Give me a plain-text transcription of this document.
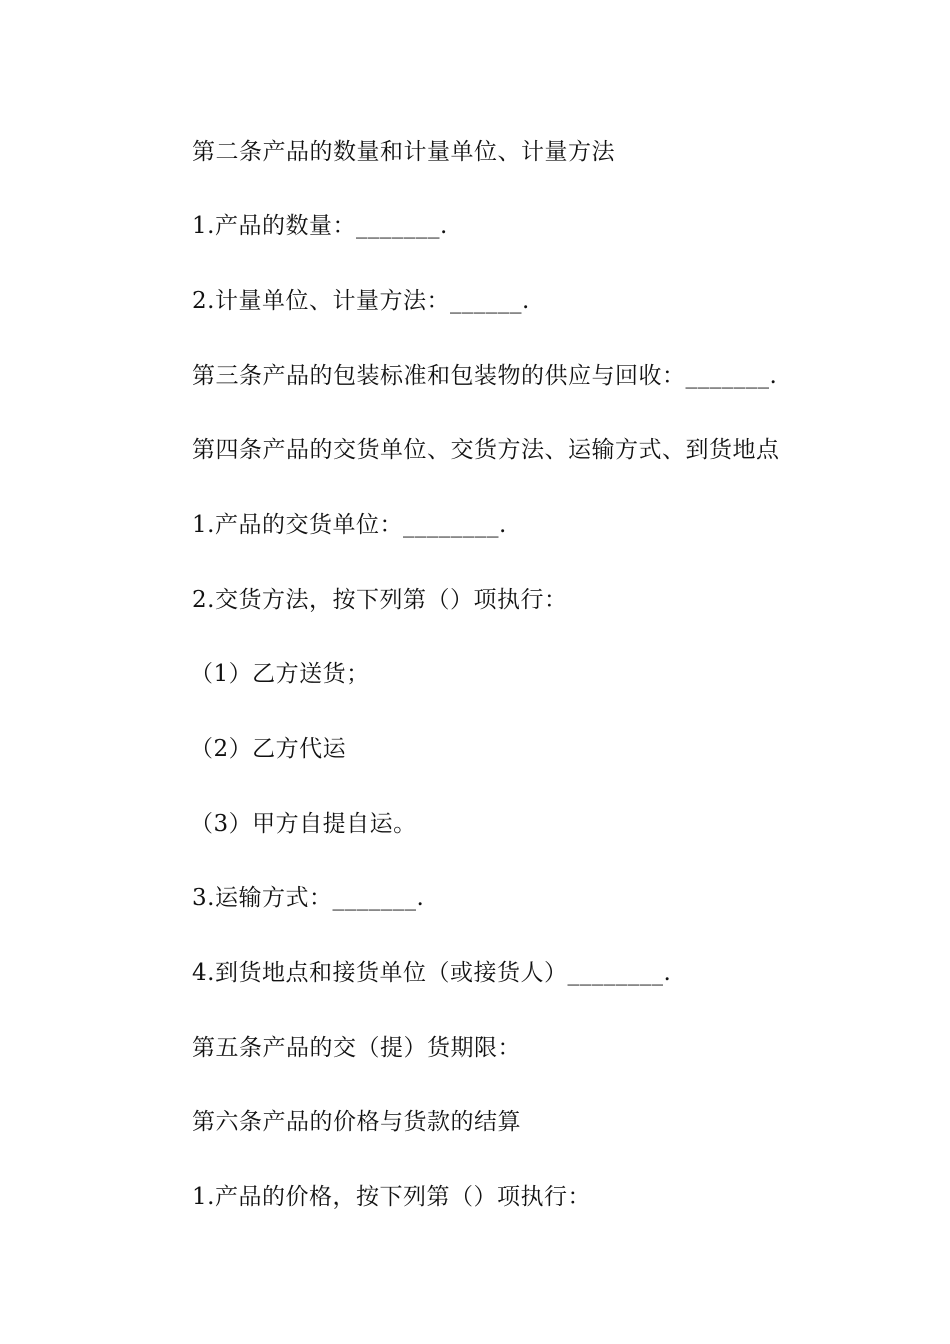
第二条产品的数量和计量单位、计量方法
1.产品的数量：_______.
2.计量单位、计量方法：______.
第三条产品的包装标准和包装物的供应与回收：_______.
第四条产品的交货单位、交货方法、运输方式、到货地点
1.产品的交货单位：________.
2.交货方法，按下列第（）项执行：
（1）乙方送货；
（2）乙方代运
（3）甲方自提自运。
3.运输方式：_______.
4.到货地点和接货单位（或接货人）________.
第五条产品的交（提）货期限：
第六条产品的价格与货款的结算
1.产品的价格，按下列第（）项执行：
